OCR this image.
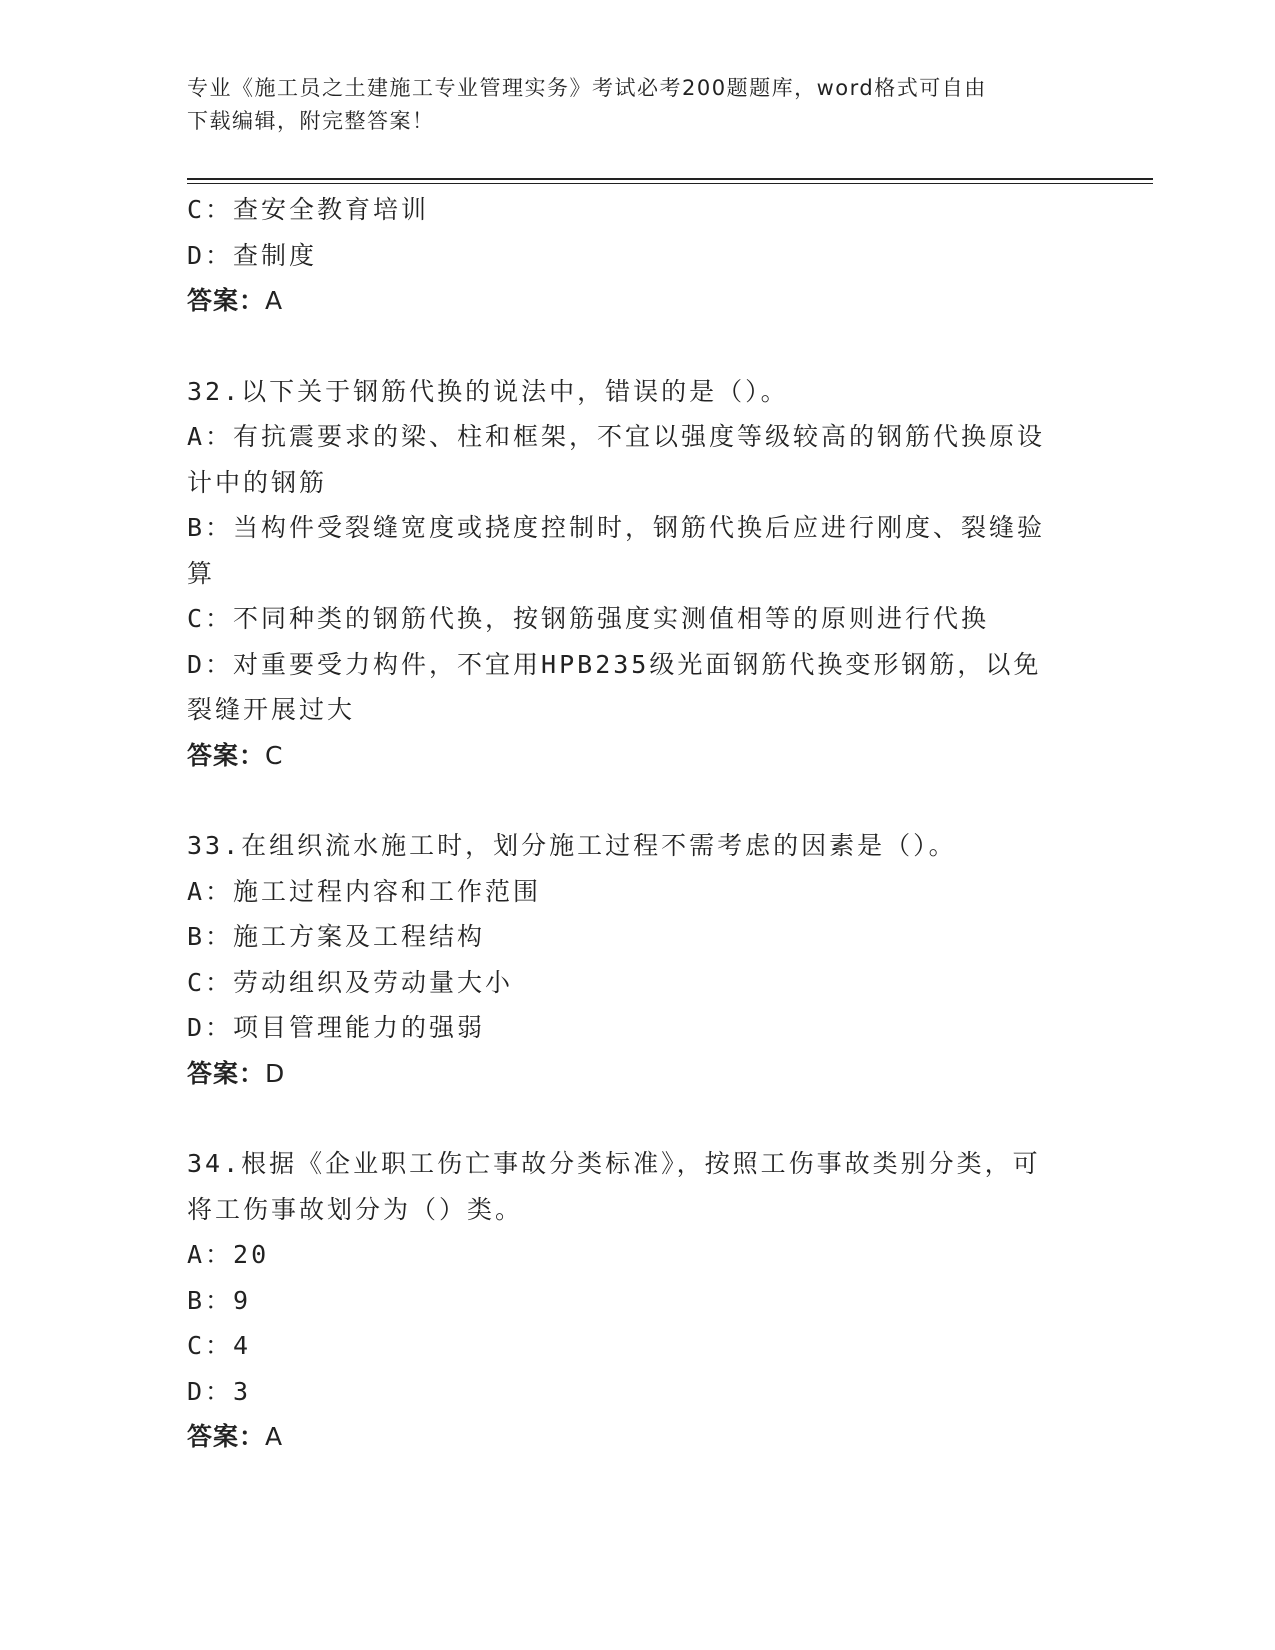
专业《施工员之土建施工专业管理实务》考试必考200题题库，word格式可自由
下载编辑，附完整答案！
C：查安全教育培训
D：查制度
答案：A
32.以下关于钢筋代换的说法中，错误的是（）。
A：有抗震要求的梁、柱和框架，不宜以强度等级较高的钢筋代换原设
计中的钢筋
B：当构件受裂缝宽度或挠度控制时，钢筋代换后应进行刚度、裂缝验
算
C：不同种类的钢筋代换，按钢筋强度实测值相等的原则进行代换
D：对重要受力构件，不宜用HPB235级光面钢筋代换变形钢筋，以免
裂缝开展过大
答案：C
33.在组织流水施工时，划分施工过程不需考虑的因素是（）。
A：施工过程内容和工作范围
B：施工方案及工程结构
C：劳动组织及劳动量大小
D：项目管理能力的强弱
答案：D
34.根据《企业职工伤亡事故分类标准》，按照工伤事故类别分类，可
将工伤事故划分为（）类。
A：20
B：9
C：4
D：3
答案：A
